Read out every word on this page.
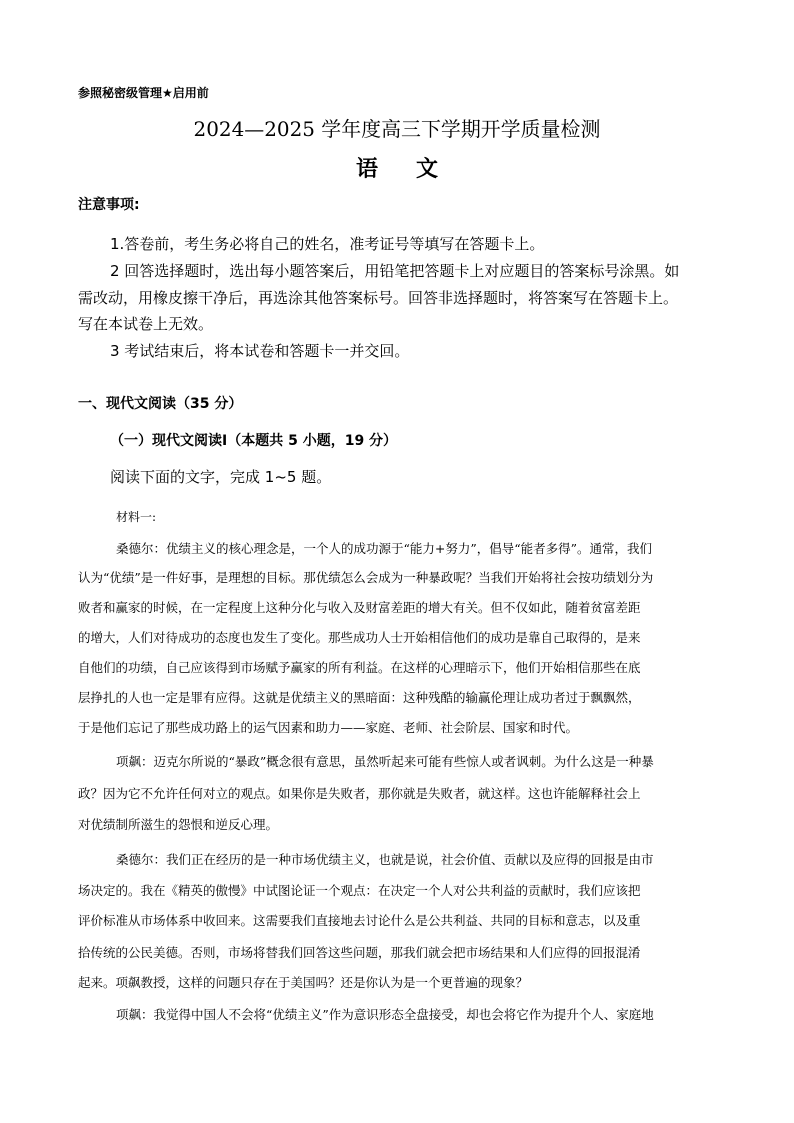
参照秘密级管理★启用前
2024—2025 学年度高三下学期开学质量检测
语文
注意事项:
1.答卷前，考生务必将自己的姓名，准考证号等填写在答题卡上。
2 回答选择题时，选出每小题答案后，用铅笔把答题卡上对应题目的答案标号涂黑。如
需改动，用橡皮擦干净后，再选涂其他答案标号。回答非选择题时，将答案写在答题卡上。
写在本试卷上无效。
3 考试结束后，将本试卷和答题卡一并交回。
一、现代文阅读（35 分）
（一）现代文阅读Ⅰ（本题共 5 小题，19 分）
阅读下面的文字，完成 1~5 题。
材料一:
桑德尔：优绩主义的核心理念是，一个人的成功源于“能力+努力”，倡导“能者多得”。通常，我们
认为“优绩”是一件好事，是理想的目标。那优绩怎么会成为一种暴政呢？当我们开始将社会按功绩划分为
败者和赢家的时候，在一定程度上这种分化与收入及财富差距的增大有关。但不仅如此，随着贫富差距
的增大，人们对待成功的态度也发生了变化。那些成功人士开始相信他们的成功是靠自己取得的，是来
自他们的功绩，自己应该得到市场赋予赢家的所有利益。在这样的心理暗示下，他们开始相信那些在底
层挣扎的人也一定是罪有应得。这就是优绩主义的黑暗面：这种残酷的输赢伦理让成功者过于飘飘然，
于是他们忘记了那些成功路上的运气因素和助力——家庭、老师、社会阶层、国家和时代。
项飙：迈克尔所说的“暴政”概念很有意思，虽然听起来可能有些惊人或者讽刺。为什么这是一种暴
政？因为它不允许任何对立的观点。如果你是失败者，那你就是失败者，就这样。这也许能解释社会上
对优绩制所滋生的怨恨和逆反心理。
桑德尔：我们正在经历的是一种市场优绩主义，也就是说，社会价值、贡献以及应得的回报是由市
场决定的。我在《精英的傲慢》中试图论证一个观点：在决定一个人对公共利益的贡献时，我们应该把
评价标准从市场体系中收回来。这需要我们直接地去讨论什么是公共利益、共同的目标和意志，以及重
拾传统的公民美德。否则，市场将替我们回答这些问题，那我们就会把市场结果和人们应得的回报混淆
起来。项飙教授，这样的问题只存在于美国吗？还是你认为是一个更普遍的现象？
项飙：我觉得中国人不会将“优绩主义”作为意识形态全盘接受，却也会将它作为提升个人、家庭地
